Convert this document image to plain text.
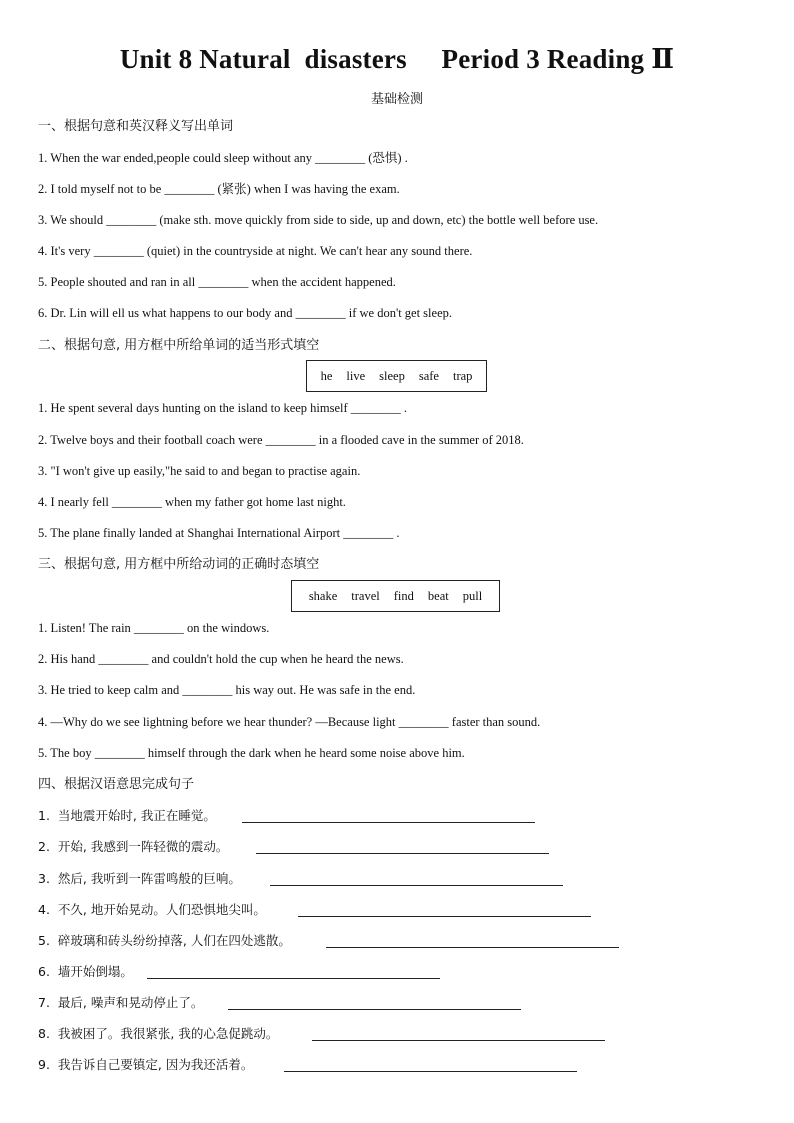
Unit 8 Natural  disasters     Period 3 Reading Ⅱ
基础检测
一、根据句意和英汉释义写出单词
1. When the war ended,people could sleep without any ________ (恐惧) .
2. I told myself not to be ________ (紧张) when I was having the exam.
3. We should ________ (make sth. move quickly from side to side, up and down, etc) the bottle well before use.
4. It's very ________ (quiet) in the countryside at night. We can't hear any sound there.
5. People shouted and ran in all ________ when the accident happened.
6. Dr. Lin will ell us what happens to our body and ________ if we don't get sleep.
二、根据句意, 用方框中所给单词的适当形式填空
he live sleep safe trap
1. He spent several days hunting on the island to keep himself ________ .
2. Twelve boys and their football coach were ________ in a flooded cave in the summer of 2018.
3. "I won't give up easily,"he said to and began to practise again.
4. I nearly fell ________ when my father got home last night.
5. The plane finally landed at Shanghai International Airport ________ .
三、根据句意, 用方框中所给动词的正确时态填空
shake travel find beat pull
1. Listen! The rain ________ on the windows.
2. His hand ________ and couldn't hold the cup when he heard the news.
3. He tried to keep calm and ________ his way out. He was safe in the end.
4. —Why do we see lightning before we hear thunder? —Because light ________ faster than sound.
5. The boy ________ himself through the dark when he heard some noise above him.
四、根据汉语意思完成句子
1.  当地震开始时, 我正在睡觉。
2.  开始, 我感到一阵轻微的震动。
3.  然后, 我听到一阵雷鸣般的巨响。
4.  不久, 地开始晃动。人们恐惧地尖叫。
5.  碎玻璃和砖头纷纷掉落, 人们在四处逃散。
6.  墙开始倒塌。
7.  最后, 噪声和晃动停止了。
8.  我被困了。我很紧张, 我的心急促跳动。
9.  我告诉自己要镇定, 因为我还活着。
